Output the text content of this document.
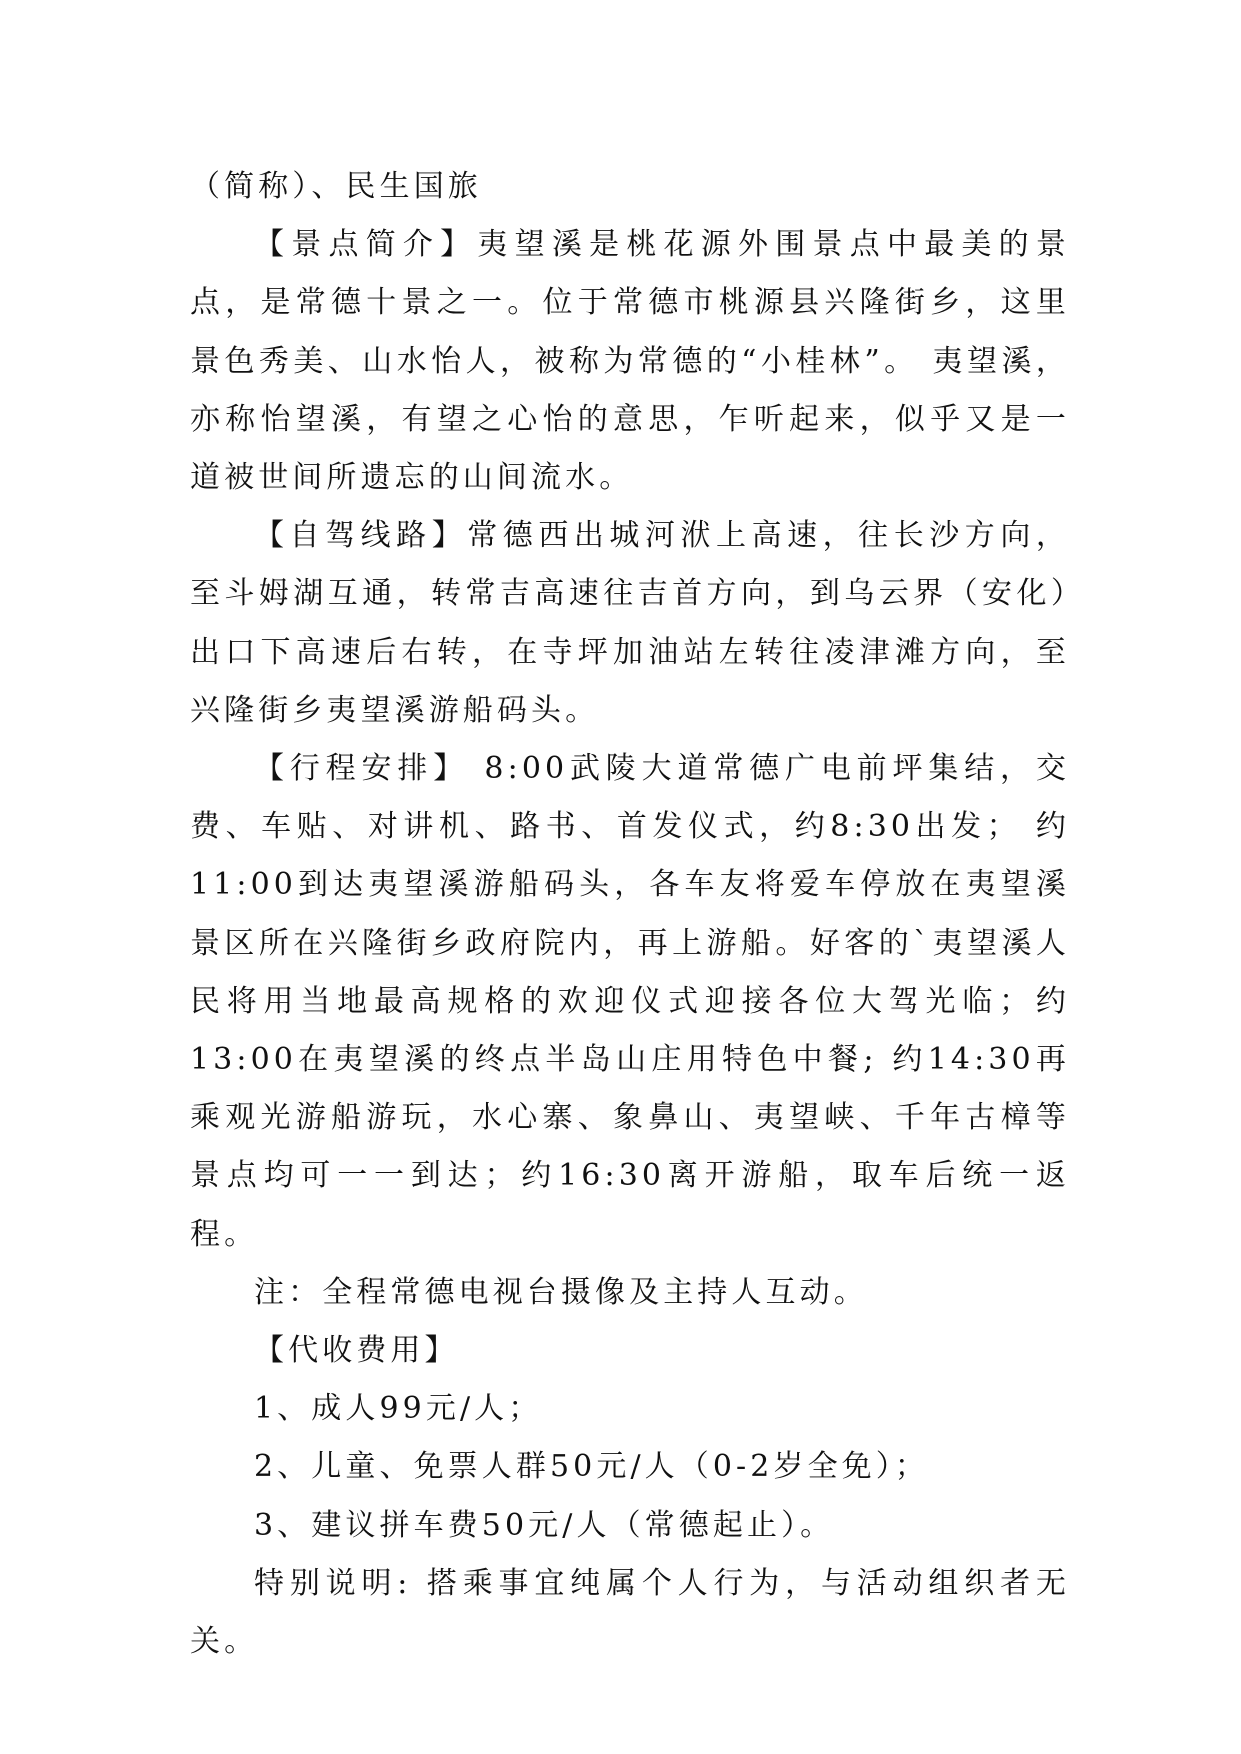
（简称）、民生国旅

【景点简介】夷望溪是桃花源外围景点中最美的景点，是常德十景之一。位于常德市桃源县兴隆街乡，这里景色秀美、山水怡人，被称为常德的“小桂林”。 夷望溪，亦称怡望溪，有望之心怡的意思，乍听起来，似乎又是一道被世间所遗忘的山间流水。

【自驾线路】常德西出城河洑上高速，往长沙方向，至斗姆湖互通，转常吉高速往吉首方向，到乌云界（安化）出口下高速后右转，在寺坪加油站左转往凌津滩方向，至兴隆街乡夷望溪游船码头。

【行程安排】 8:00武陵大道常德广电前坪集结，交费、车贴、对讲机、路书、首发仪式，约8:30出发； 约11:00到达夷望溪游船码头，各车友将爱车停放在夷望溪景区所在兴隆街乡政府院内，再上游船。好客的`夷望溪人民将用当地最高规格的欢迎仪式迎接各位大驾光临；约13:00在夷望溪的终点半岛山庄用特色中餐; 约14:30再乘观光游船游玩，水心寨、象鼻山、夷望峡、千年古樟等景点均可一一到达；约16:30离开游船，取车后统一返程。

注：全程常德电视台摄像及主持人互动。

【代收费用】

1、成人99元/人；

2、儿童、免票人群50元/人（0-2岁全免）；

3、建议拼车费50元/人（常德起止）。

特别说明: 搭乘事宜纯属个人行为，与活动组织者无关。
